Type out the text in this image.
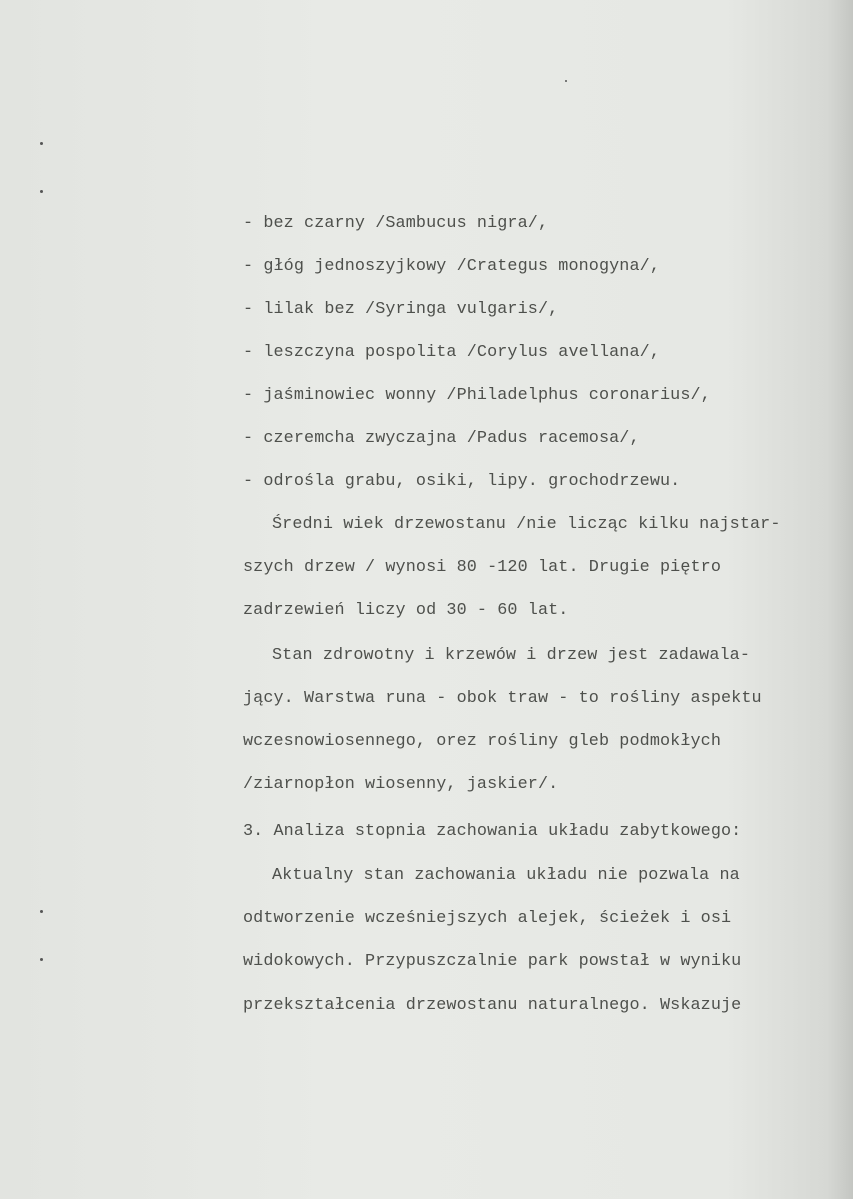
- bez czarny /Sambucus nigra/,
- głóg jednoszyjkowy /Crategus monogyna/,
- lilak bez /Syringa vulgaris/,
- leszczyna pospolita /Corylus avellana/,
- jaśminowiec wonny /Philadelphus coronarius/,
- czeremcha zwyczajna /Padus racemosa/,
- odrośla grabu, osiki, lipy. grochodrzewu.
Średni wiek drzewostanu /nie licząc kilku najstar-
szych drzew / wynosi 80 -120 lat. Drugie piętro
zadrzewień liczy od 30 - 60 lat.
Stan zdrowotny i krzewów i drzew jest zadawala-
jący. Warstwa runa - obok traw - to rośliny aspektu
wczesnowiosennego, orez rośliny gleb podmokłych
/ziarnopłon wiosenny, jaskier/.
3. Analiza stopnia zachowania układu zabytkowego:
Aktualny stan zachowania układu nie pozwala na
odtworzenie wcześniejszych alejek, ścieżek i osi
widokowych. Przypuszczalnie park powstał w wyniku
przekształcenia drzewostanu naturalnego. Wskazuje
